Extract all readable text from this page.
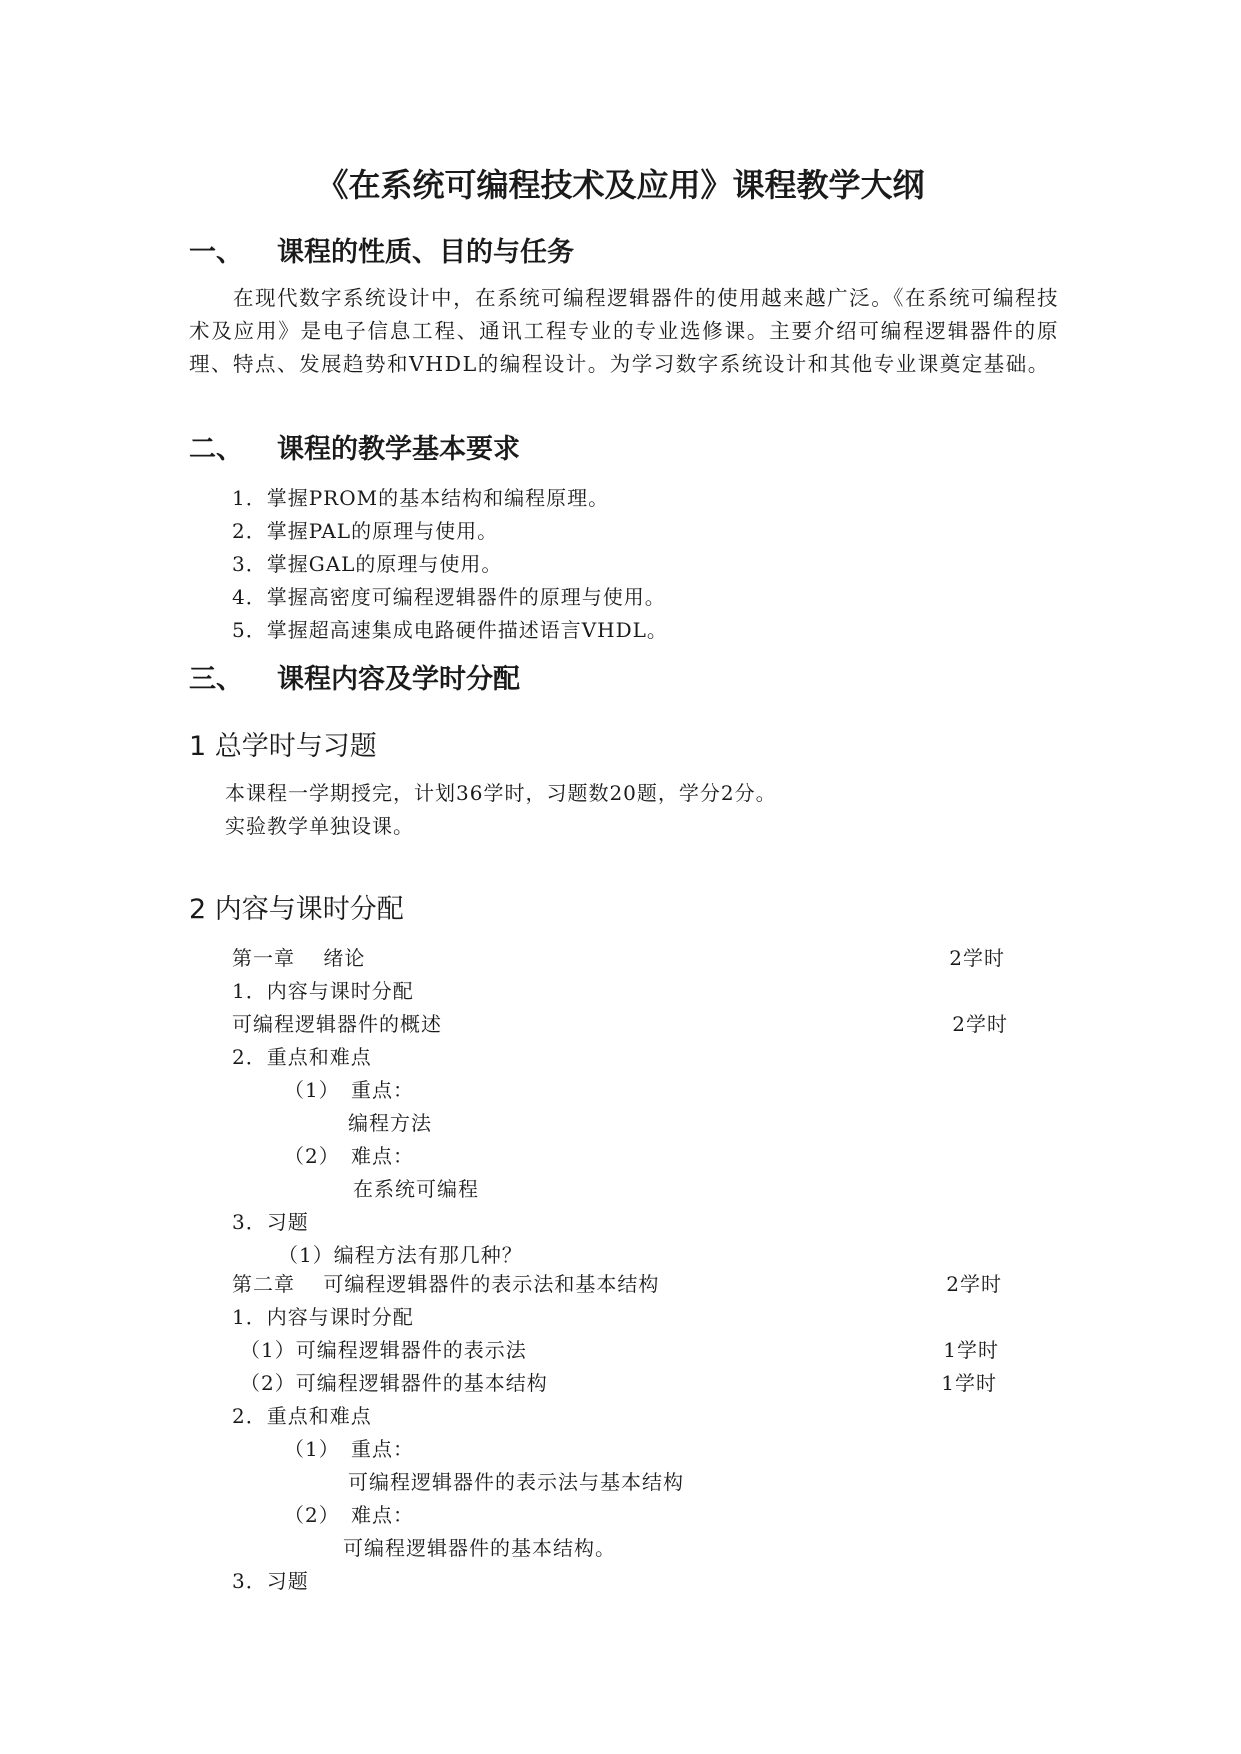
《在系统可编程技术及应用》课程教学大纲
一、 课程的性质、目的与任务
在现代数字系统设计中，在系统可编程逻辑器件的使用越来越广泛。《在系统可编程技术及应用》是电子信息工程、通讯工程专业的专业选修课。主要介绍可编程逻辑器件的原理、特点、发展趋势和VHDL的编程设计。为学习数字系统设计和其他专业课奠定基础。
二、 课程的教学基本要求
1．掌握PROM的基本结构和编程原理。
2．掌握PAL的原理与使用。
3．掌握GAL的原理与使用。
4．掌握高密度可编程逻辑器件的原理与使用。
5．掌握超高速集成电路硬件描述语言VHDL。
三、 课程内容及学时分配
1 总学时与习题
本课程一学期授完，计划36学时，习题数20题，学分2分。
实验教学单独设课。
2 内容与课时分配
第一章　 绪论	2学时
1．内容与课时分配
可编程逻辑器件的概述	2学时
2．重点和难点
（1） 重点：
编程方法
（2） 难点：
在系统可编程
3．习题
（1）编程方法有那几种？
第二章　 可编程逻辑器件的表示法和基本结构	2学时
1．内容与课时分配
（1）可编程逻辑器件的表示法	1学时
（2）可编程逻辑器件的基本结构	1学时
2．重点和难点
（1） 重点：
可编程逻辑器件的表示法与基本结构
（2） 难点：
可编程逻辑器件的基本结构。
3．习题
